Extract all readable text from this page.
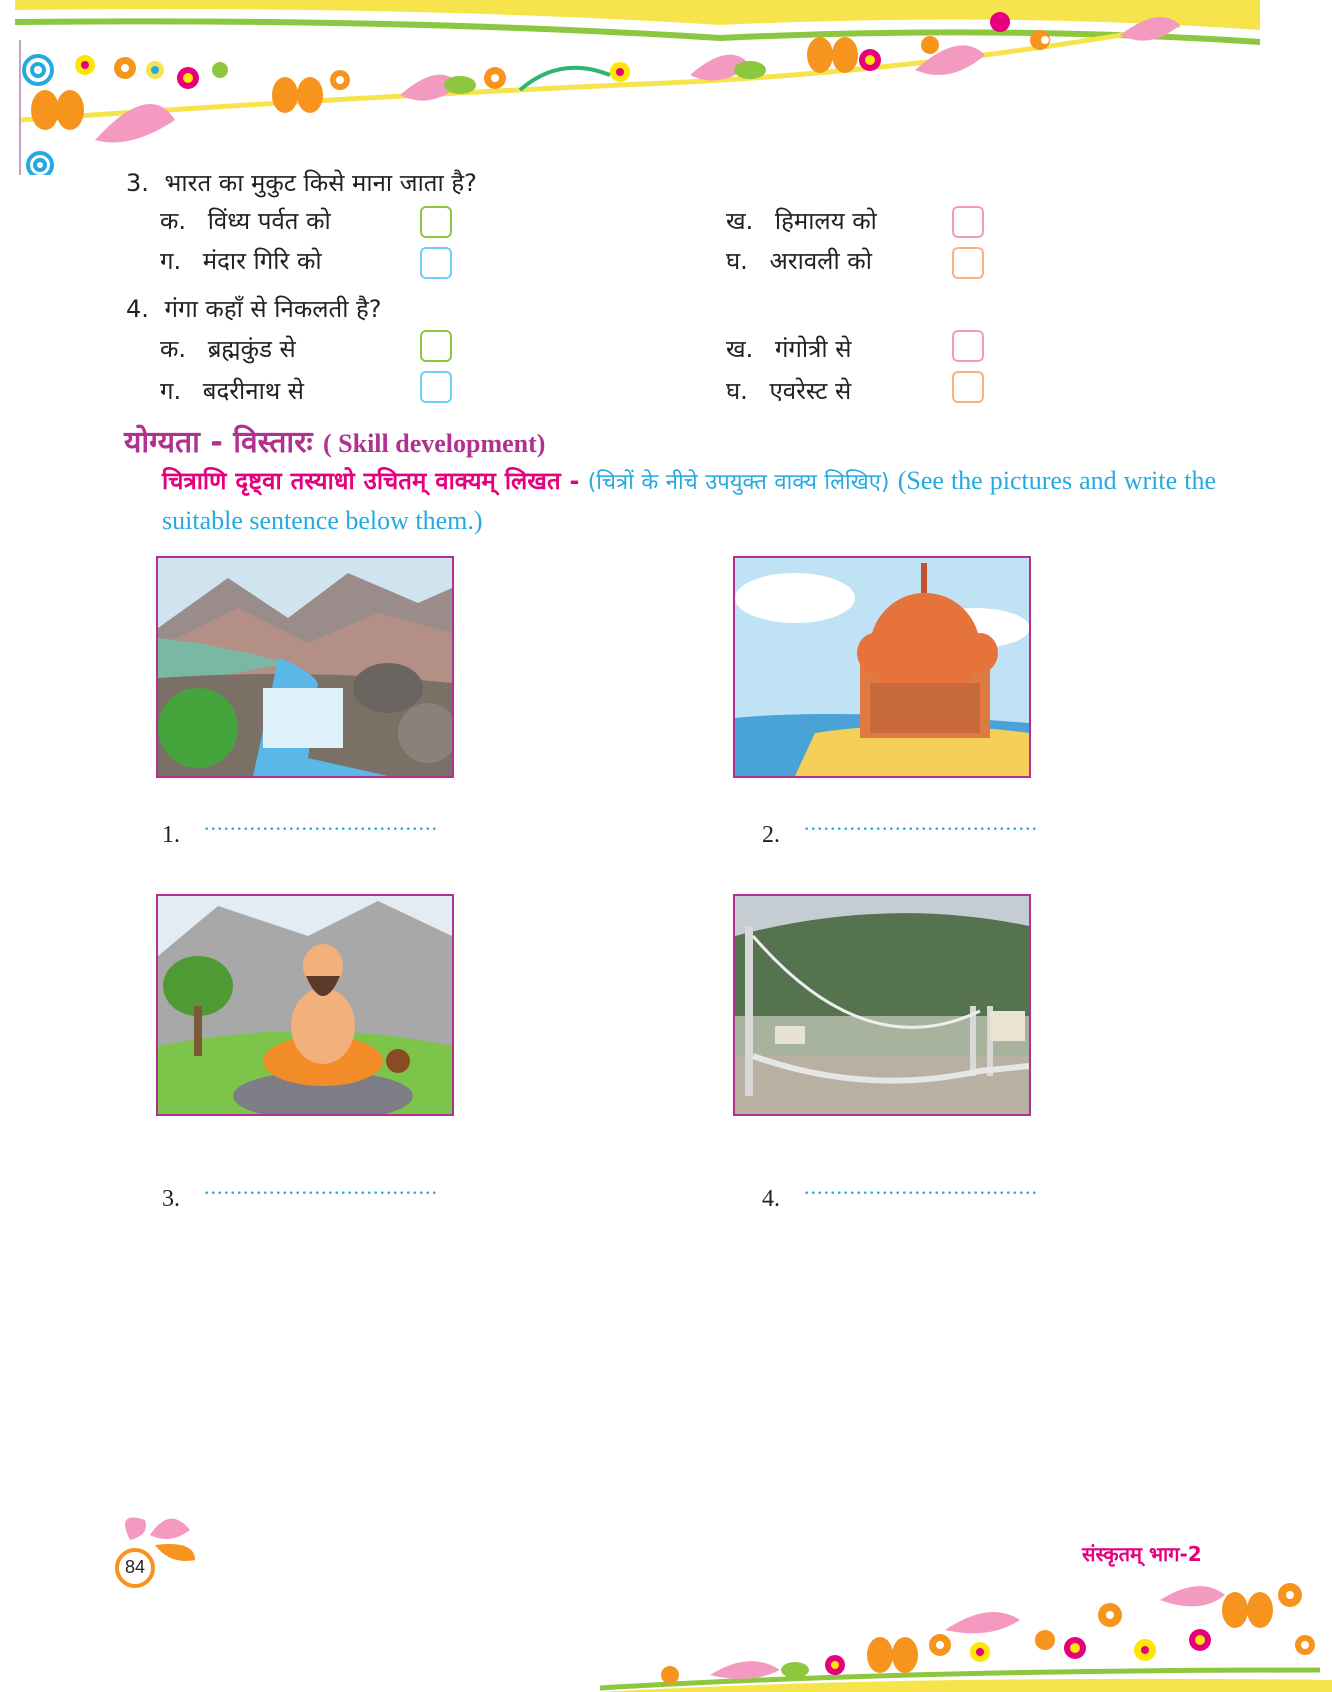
3. भारत का मुकुट किसे माना जाता है?
क. विंध्य पर्वत को	ख. हिमालय को
ग. मंदार गिरि को	घ. अरावली को
4. गंगा कहाँ से निकलती है?
क. ब्रह्मकुंड से	ख. गंगोत्री से
ग. बदरीनाथ से	घ. एवरेस्ट से
योग्यता - विस्तारः ( Skill development)
चित्राणि दृष्ट्वा तस्याधो उचितम् वाक्यम् लिखत - (चित्रों के नीचे उपयुक्त वाक्य लिखिए) (See the pictures and write the suitable sentence below them.)
1. ....................................	2. ....................................
3. ....................................	4. ....................................
84
संस्कृतम् भाग-2
